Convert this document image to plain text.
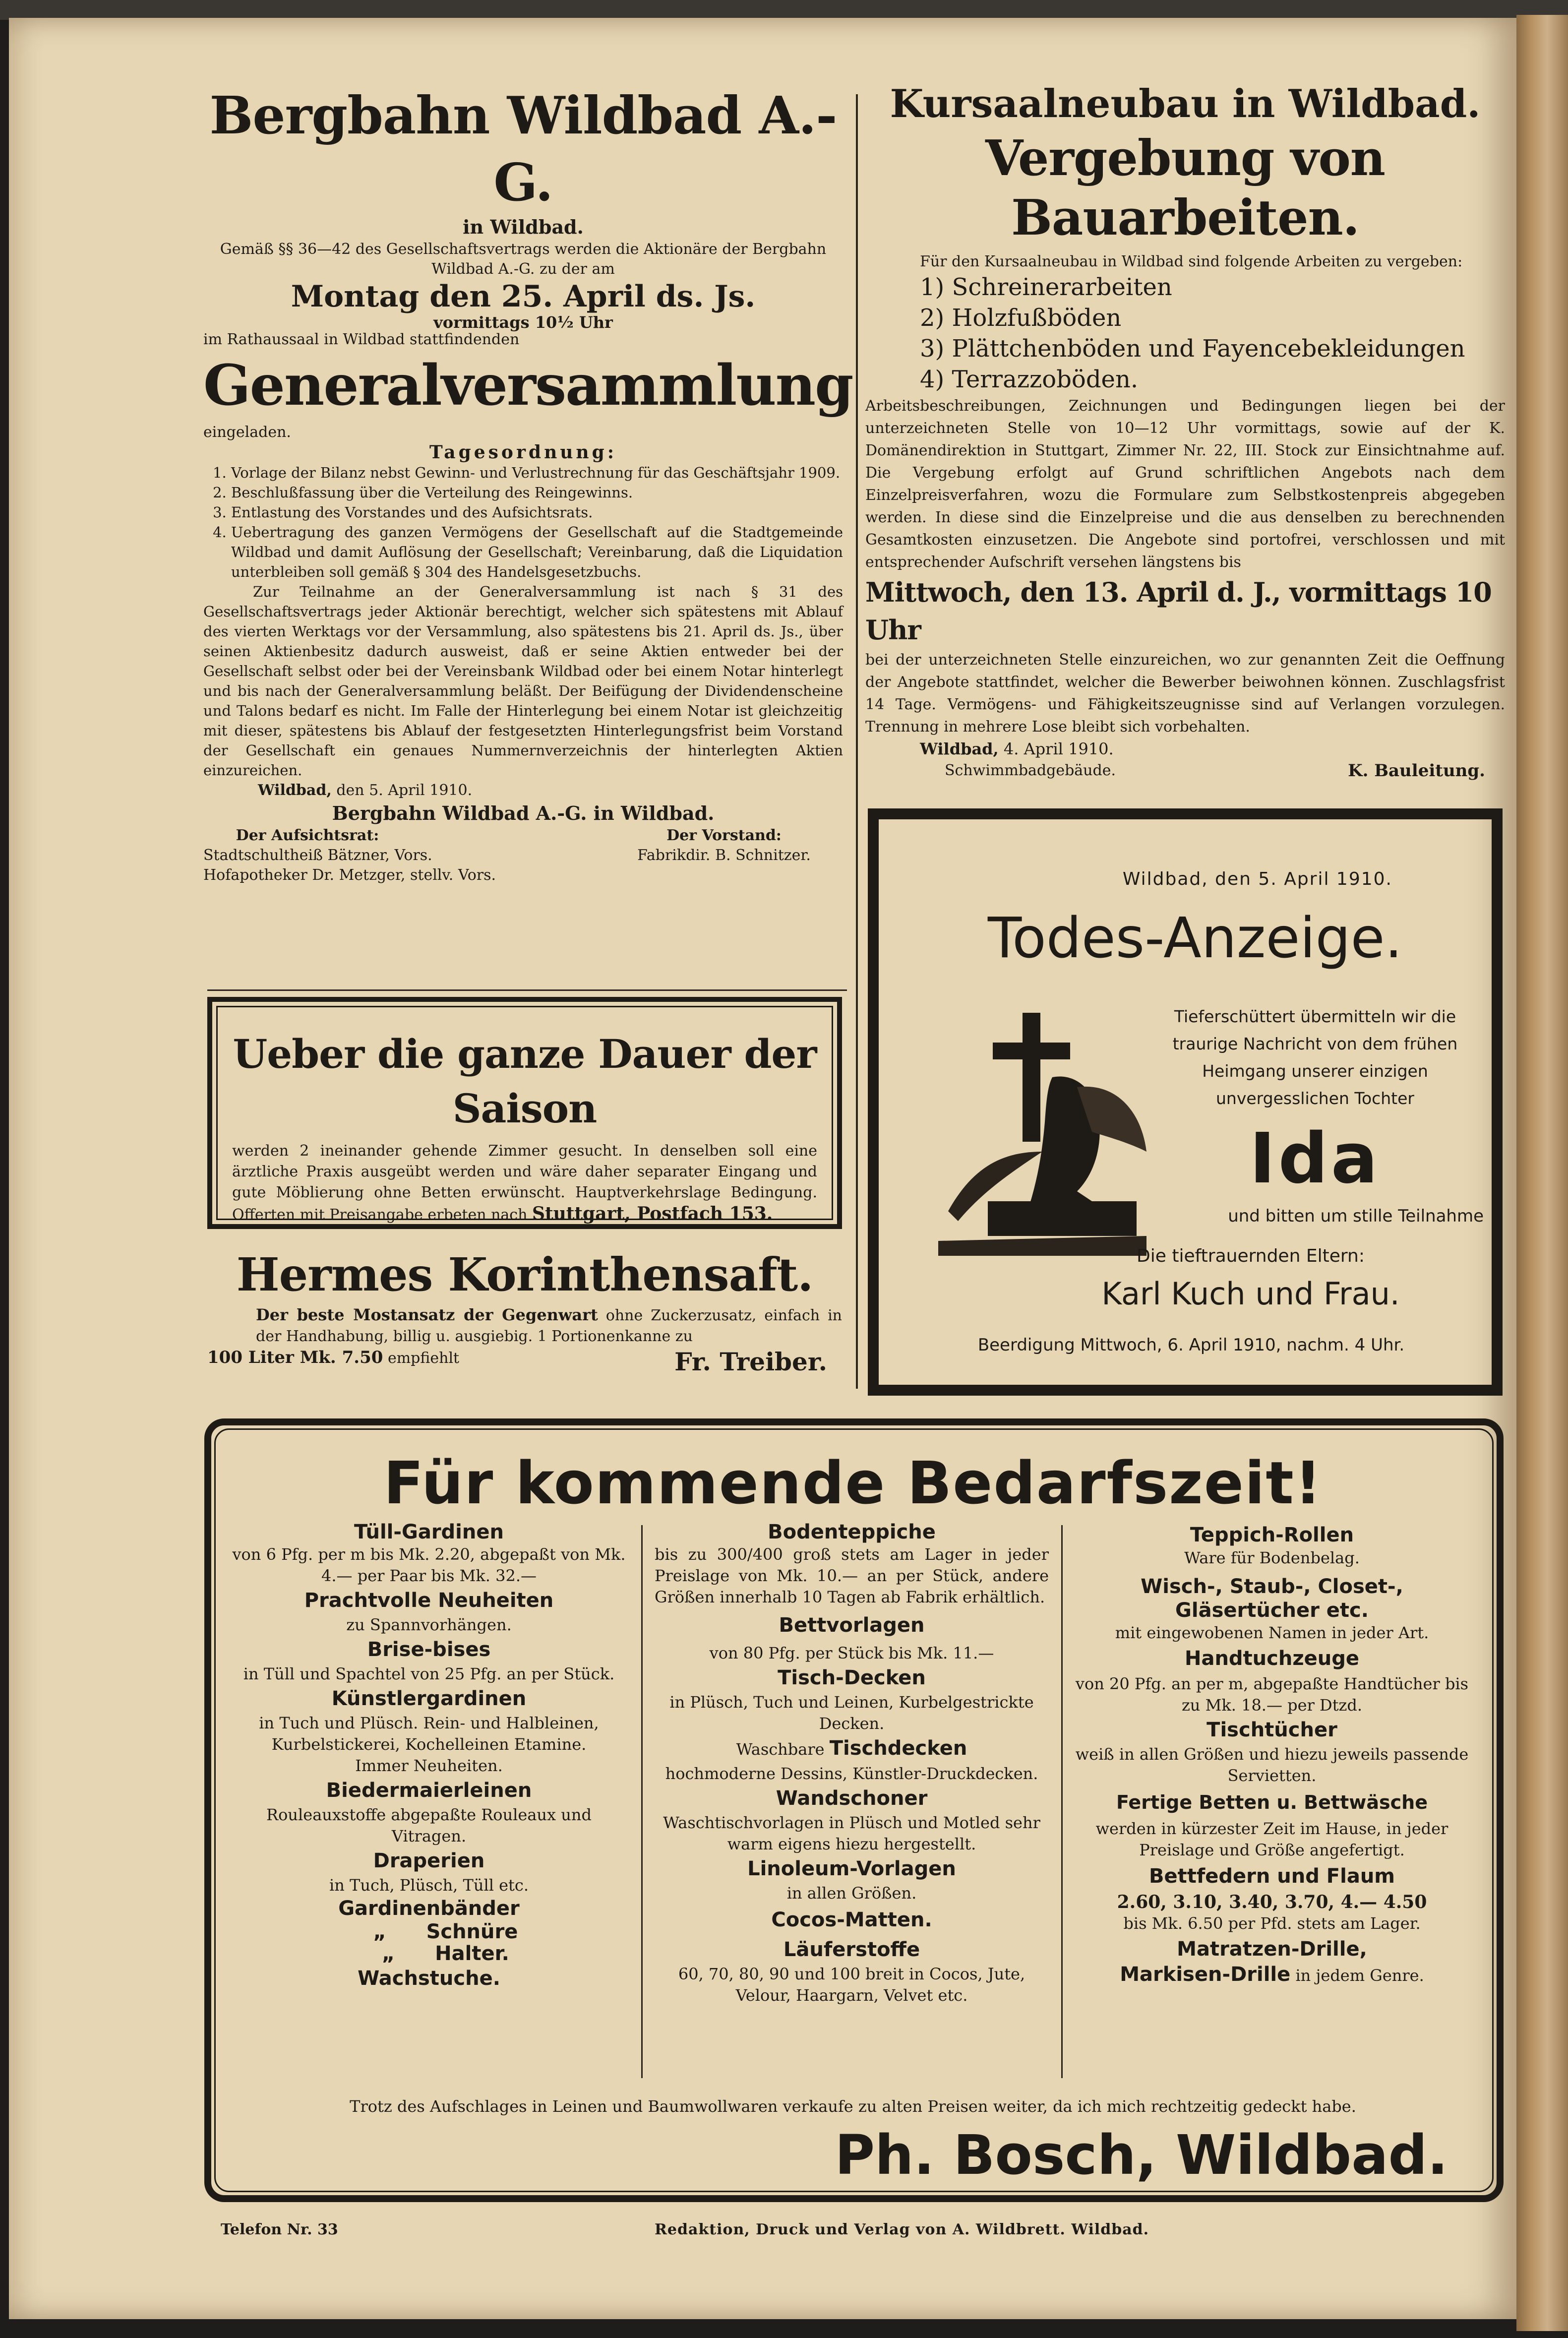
Bergbahn Wildbad A.-G.
in Wildbad.

Gemäß §§ 36—42 des Gesellschaftsvertrags werden die Aktionäre der Bergbahn Wildbad A.-G. zu der am

Montag den 25. April ds. Js.
vormittags 10½ Uhr

im Rathaussaal in Wildbad stattfindenden

Generalversammlung

eingeladen.

Tagesordnung:
1. Vorlage der Bilanz nebst Gewinn- und Verlustrechnung für das Geschäftsjahr 1909.
2. Beschlußfassung über die Verteilung des Reingewinns.
3. Entlastung des Vorstandes und des Aufsichtsrats.
4. Uebertragung des ganzen Vermögens der Gesellschaft auf die Stadtgemeinde Wildbad und damit Auflösung der Gesellschaft; Vereinbarung, daß die Liquidation unterbleiben soll gemäß § 304 des Handelsgesetzbuchs.

Zur Teilnahme an der Generalversammlung ist nach § 31 des Gesellschaftsvertrags jeder Aktionär berechtigt, welcher sich spätestens mit Ablauf des vierten Werktags vor der Versammlung, also spätestens bis 21. April ds. Js., über seinen Aktienbesitz dadurch ausweist, daß er seine Aktien entweder bei der Gesellschaft selbst oder bei der Vereinsbank Wildbad oder bei einem Notar hinterlegt und bis nach der Generalversammlung beläßt. Der Beifügung der Dividendenscheine und Talons bedarf es nicht. Im Falle der Hinterlegung bei einem Notar ist gleichzeitig mit dieser, spätestens bis Ablauf der festgesetzten Hinterlegungsfrist beim Vorstand der Gesellschaft ein genaues Nummernverzeichnis der hinterlegten Aktien einzureichen.

Wildbad, den 5. April 1910.

Bergbahn Wildbad A.-G. in Wildbad.
Der Aufsichtsrat:
Stadtschultheiß Bätzner, Vors.
Hofapotheker Dr. Metzger, stellv. Vors.
Der Vorstand:
Fabrikdir. B. Schnitzer.
Ueber die ganze Dauer der Saison

werden 2 ineinander gehende Zimmer gesucht. In denselben soll eine ärztliche Praxis ausgeübt werden und wäre daher separater Eingang und gute Möblierung ohne Betten erwünscht. Hauptverkehrslage Bedingung. Offerten mit Preisangabe erbeten nach Stuttgart, Postfach 153.

Hermes Korinthensaft.

Der beste Mostansatz der Gegenwart ohne Zuckerzusatz, einfach in der Handhabung, billig u. ausgiebig. 1 Portionenkanne zu

100 Liter Mk. 7.50 empfiehlt	Fr. Treiber.
Kursaalneubau in Wildbad.
Vergebung von Bauarbeiten.

Für den Kursaalneubau in Wildbad sind folgende Arbeiten zu vergeben:

1) Schreinerarbeiten
2) Holzfußböden
3) Plättchenböden und Fayencebekleidungen
4) Terrazzoböden.

Arbeitsbeschreibungen, Zeichnungen und Bedingungen liegen bei der unterzeichneten Stelle von 10—12 Uhr vormittags, sowie auf der K. Domänendirektion in Stuttgart, Zimmer Nr. 22, III. Stock zur Einsichtnahme auf. Die Vergebung erfolgt auf Grund schriftlichen Angebots nach dem Einzelpreisverfahren, wozu die Formulare zum Selbstkostenpreis abgegeben werden. In diese sind die Einzelpreise und die aus denselben zu berechnenden Gesamtkosten einzusetzen. Die Angebote sind portofrei, verschlossen und mit entsprechender Aufschrift versehen längstens bis

Mittwoch, den 13. April d. J., vormittags 10 Uhr

bei der unterzeichneten Stelle einzureichen, wo zur genannten Zeit die Oeffnung der Angebote stattfindet, welcher die Bewerber beiwohnen können. Zuschlagsfrist 14 Tage. Vermögens- und Fähigkeitszeugnisse sind auf Verlangen vorzulegen. Trennung in mehrere Lose bleibt sich vorbehalten.

Wildbad, 4. April 1910.

Schwimmbadgebäude.	K. Bauleitung.
Wildbad, den 5. April 1910.
Todes-Anzeige.

Tieferschüttert übermitteln wir die traurige Nachricht von dem frühen Heimgang unserer einzigen unvergesslichen Tochter

Ida
und bitten um stille Teilnahme
Die tieftrauernden Eltern:
Karl Kuch und Frau.
Beerdigung Mittwoch, 6. April 1910, nachm. 4 Uhr.
Für kommende Bedarfszeit!
Tüll-Gardinen
von 6 Pfg. per m bis Mk. 2.20, abgepaßt von Mk. 4.— per Paar bis Mk. 32.—
Prachtvolle Neuheiten
zu Spannvorhängen.
Brise-bises
in Tüll und Spachtel von 25 Pfg. an per Stück.
Künstlergardinen
in Tuch und Plüsch. Rein- und Halbleinen, Kurbelstickerei, Kochelleinen Etamine.
Immer Neuheiten.
Biedermaierleinen
Rouleauxstoffe abgepaßte Rouleaux und Vitragen.
Draperien
in Tuch, Plüsch, Tüll etc.
Gardinenbänder
„ Schnüre
„ Halter.
Wachstuche.
Bodenteppiche
bis zu 300/400 groß stets am Lager in jeder Preislage von Mk. 10.— an per Stück, andere Größen innerhalb 10 Tagen ab Fabrik erhältlich.
Bettvorlagen
von 80 Pfg. per Stück bis Mk. 11.—
Tisch-Decken
in Plüsch, Tuch und Leinen, Kurbelgestrickte Decken.
Waschbare Tischdecken
hochmoderne Dessins, Künstler-Druckdecken.
Wandschoner
Waschtischvorlagen in Plüsch und Motled sehr warm eigens hiezu hergestellt.
Linoleum-Vorlagen
in allen Größen.
Cocos-Matten.
Läuferstoffe
60, 70, 80, 90 und 100 breit in Cocos, Jute, Velour, Haargarn, Velvet etc.
Teppich-Rollen
Ware für Bodenbelag.
Wisch-, Staub-, Closet-, Gläsertücher etc.
mit eingewobenen Namen in jeder Art.
Handtuchzeuge
von 20 Pfg. an per m, abgepaßte Handtücher bis zu Mk. 18.— per Dtzd.
Tischtücher
weiß in allen Größen und hiezu jeweils passende Servietten.
Fertige Betten u. Bettwäsche
werden in kürzester Zeit im Hause, in jeder Preislage und Größe angefertigt.
Bettfedern und Flaum
2.60, 3.10, 3.40, 3.70, 4.— 4.50
bis Mk. 6.50 per Pfd. stets am Lager.
Matratzen-Drille,
Markisen-Drille in jedem Genre.
Trotz des Aufschlages in Leinen und Baumwollwaren verkaufe zu alten Preisen weiter, da ich mich rechtzeitig gedeckt habe.
Ph. Bosch, Wildbad.
Telefon Nr. 33	Redaktion, Druck und Verlag von A. Wildbrett. Wildbad.
